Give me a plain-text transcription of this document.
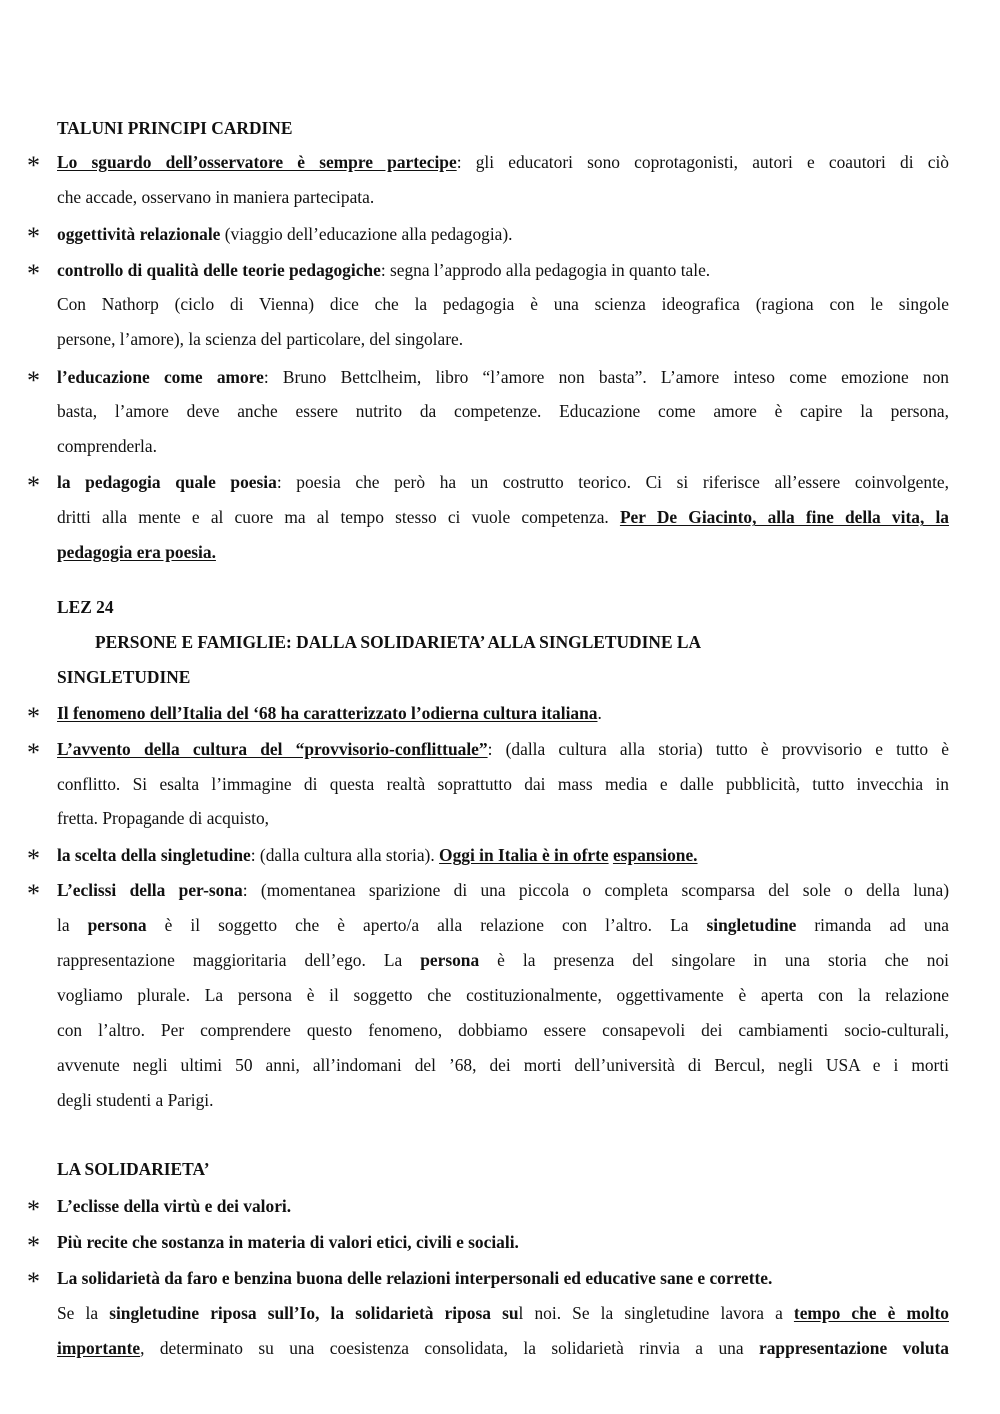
TALUNI PRINCIPI CARDINE
* Lo sguardo dell’osservatore è sempre partecipe: gli educatori sono coprotagonisti, autori e coautori di ciò
che accade, osservano in maniera partecipata.
* oggettività relazionale (viaggio dell’educazione alla pedagogia).
* controllo di qualità delle teorie pedagogiche: segna l’approdo alla pedagogia in quanto tale.
Con Nathorp (ciclo di Vienna) dice che la pedagogia è una scienza ideografica (ragiona con le singole
persone, l’amore), la scienza del particolare, del singolare.
* l’educazione come amore: Bruno Bettclheim, libro “l’amore non basta”. L’amore inteso come emozione non
basta, l’amore deve anche essere nutrito da competenze. Educazione come amore è capire la persona,
comprenderla.
* la pedagogia quale poesia: poesia che però ha un costrutto teorico. Ci si riferisce all’essere coinvolgente,
dritti alla mente e al cuore ma al tempo stesso ci vuole competenza. Per De Giacinto, alla fine della vita, la
pedagogia era poesia.
LEZ 24
PERSONE E FAMIGLIE: DALLA SOLIDARIETA’ ALLA SINGLETUDINE LA
SINGLETUDINE
* Il fenomeno dell’Italia del ‘68 ha caratterizzato l’odierna cultura italiana.
* L’avvento della cultura del “provvisorio-conflittuale”: (dalla cultura alla storia) tutto è provvisorio e tutto è
conflitto. Si esalta l’immagine di questa realtà soprattutto dai mass media e dalle pubblicità, tutto invecchia in
fretta. Propagande di acquisto,
* la scelta della singletudine: (dalla cultura alla storia). Oggi in Italia è in ofrte espansione.
* L’eclissi della per-sona: (momentanea sparizione di una piccola o completa scomparsa del sole o della luna)
la persona è il soggetto che è aperto/a alla relazione con l’altro. La singletudine rimanda ad una
rappresentazione maggioritaria dell’ego. La persona è la presenza del singolare in una storia che noi
vogliamo plurale. La persona è il soggetto che costituzionalmente, oggettivamente è aperta con la relazione
con l’altro. Per comprendere questo fenomeno, dobbiamo essere consapevoli dei cambiamenti socio-culturali,
avvenute negli ultimi 50 anni, all’indomani del ’68, dei morti dell’università di Bercul, negli USA e i morti
degli studenti a Parigi.
LA SOLIDARIETA’
* L’eclisse della virtù e dei valori.
* Più recite che sostanza in materia di valori etici, civili e sociali.
* La solidarietà da faro e benzina buona delle relazioni interpersonali ed educative sane e corrette.
Se la singletudine riposa sull’Io, la solidarietà riposa sul noi. Se la singletudine lavora a tempo che è molto
importante, determinato su una coesistenza consolidata, la solidarietà rinvia a una rappresentazione voluta
